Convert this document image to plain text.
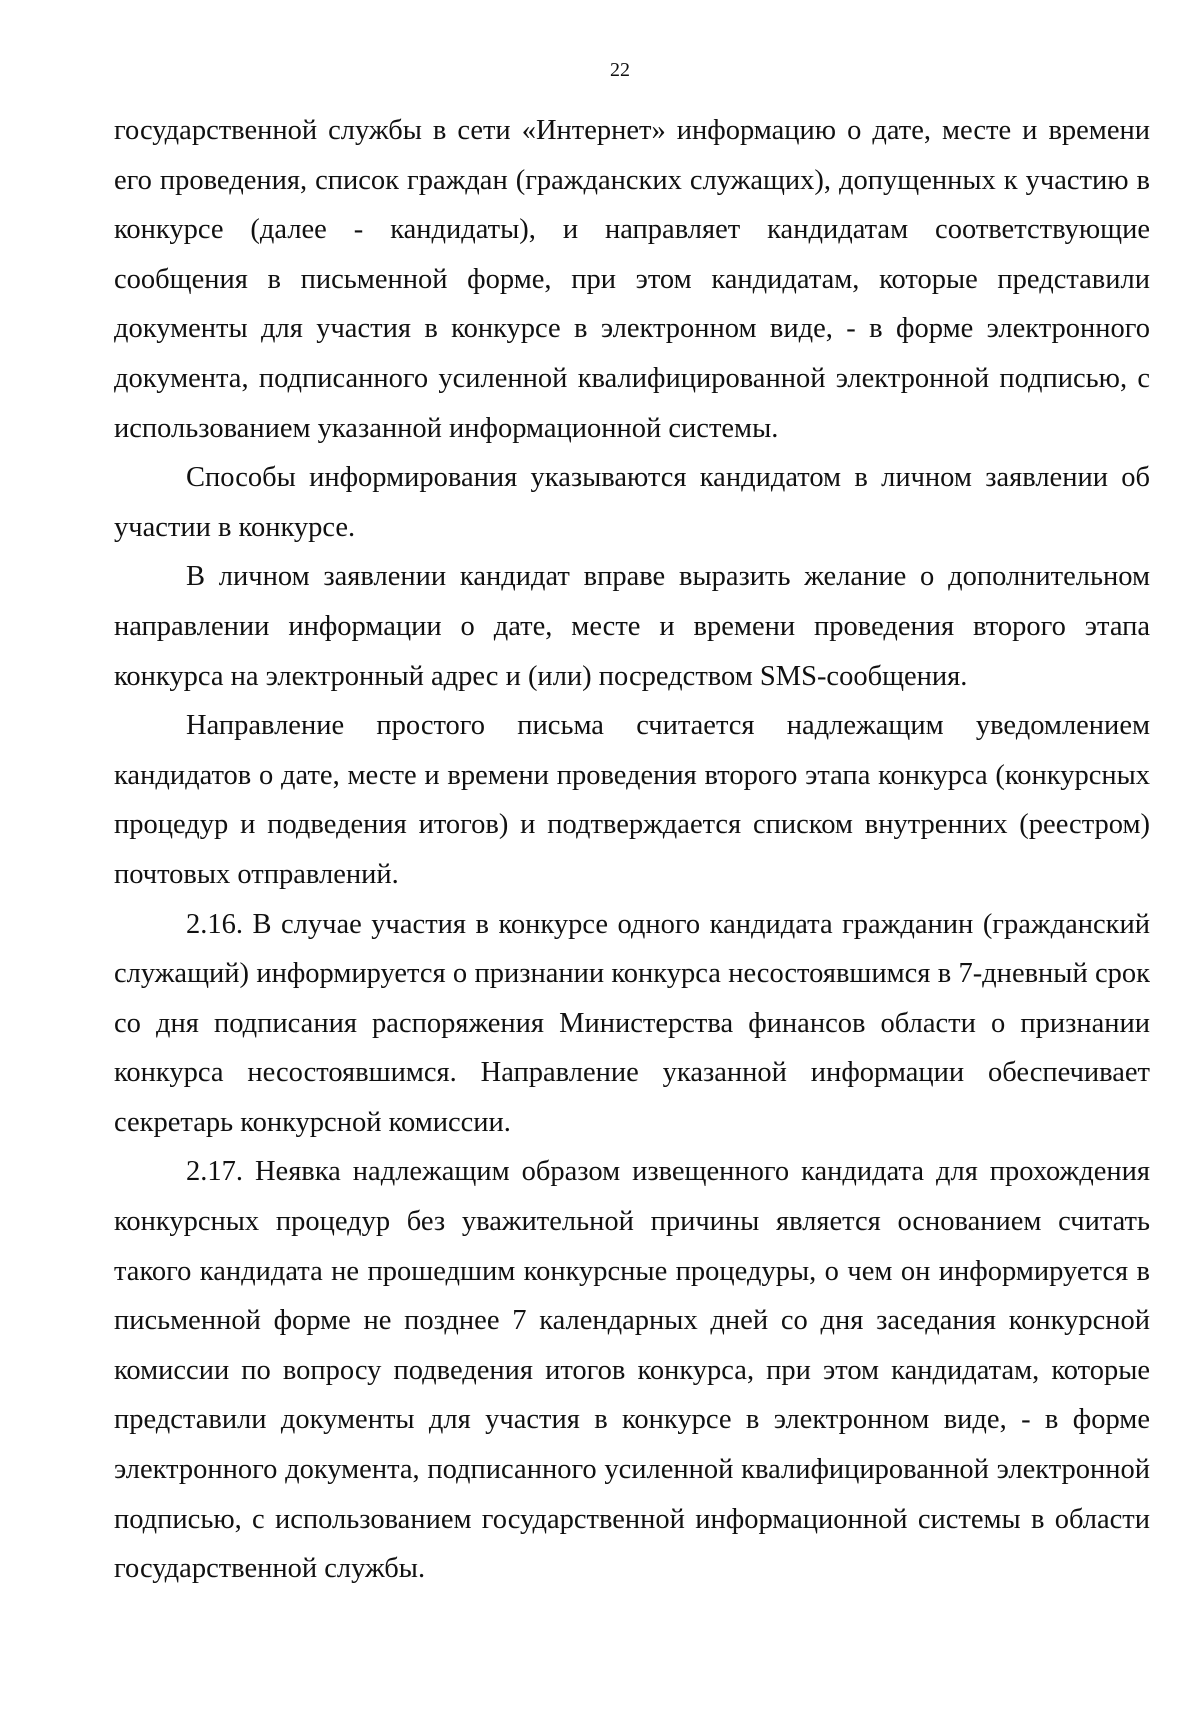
22

государственной службы в сети «Интернет» информацию о дате, месте и времени его проведения, список граждан (гражданских служащих), допущенных к участию в конкурсе (далее - кандидаты), и направляет кандидатам соответствующие сообщения в письменной форме, при этом кандидатам, которые представили документы для участия в конкурсе в электронном виде, - в форме электронного документа, подписанного усиленной квалифицированной электронной подписью, с использованием указанной информационной системы.

Способы информирования указываются кандидатом в личном заявлении об участии в конкурсе.

В личном заявлении кандидат вправе выразить желание о дополнительном направлении информации о дате, месте и времени проведения второго этапа конкурса на электронный адрес и (или) посредством SMS-сообщения.

Направление простого письма считается надлежащим уведомлением кандидатов о дате, месте и времени проведения второго этапа конкурса (конкурсных процедур и подведения итогов) и подтверждается списком внутренних (реестром) почтовых отправлений.

2.16. В случае участия в конкурсе одного кандидата гражданин (гражданский служащий) информируется о признании конкурса несостоявшимся в 7-дневный срок со дня подписания распоряжения Министерства финансов области о признании конкурса несостоявшимся. Направление указанной информации обеспечивает секретарь конкурсной комиссии.

2.17. Неявка надлежащим образом извещенного кандидата для прохождения конкурсных процедур без уважительной причины является основанием считать такого кандидата не прошедшим конкурсные процедуры, о чем он информируется в письменной форме не позднее 7 календарных дней со дня заседания конкурсной комиссии по вопросу подведения итогов конкурса, при этом кандидатам, которые представили документы для участия в конкурсе в электронном виде, - в форме электронного документа, подписанного усиленной квалифицированной электронной подписью, с использованием государственной информационной системы в области государственной службы.
